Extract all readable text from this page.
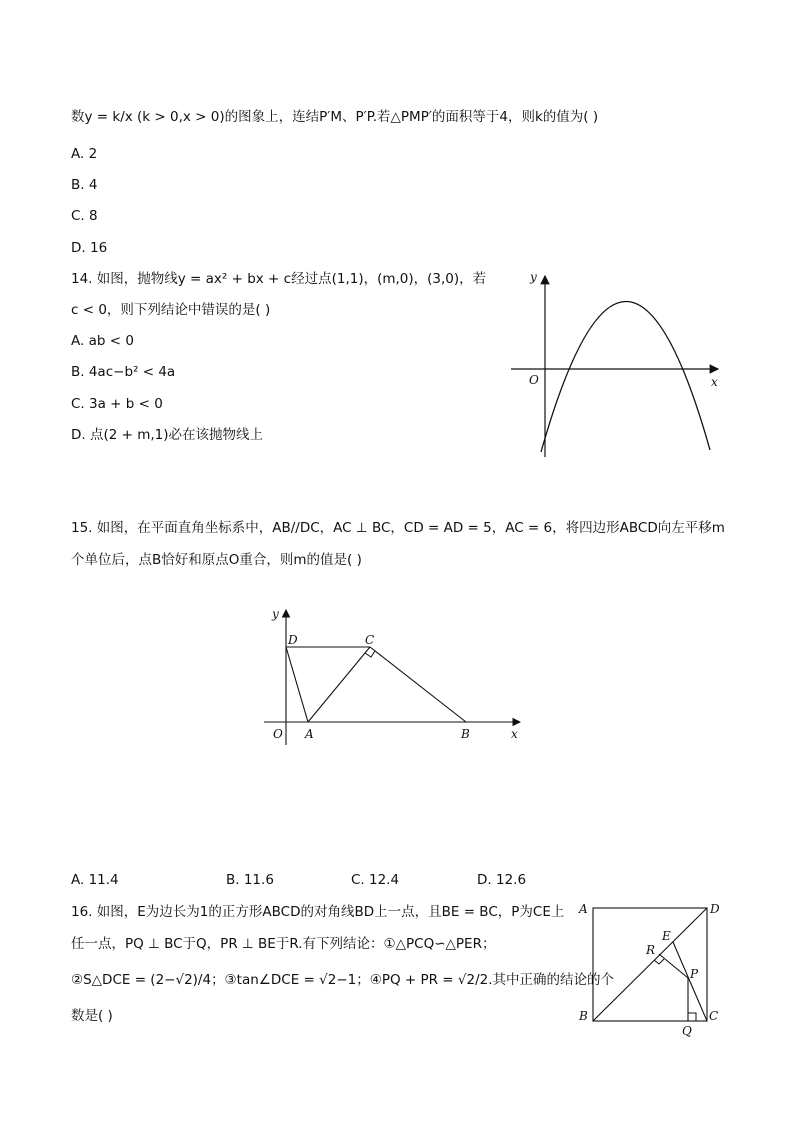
数y = k/x (k > 0,x > 0)的图象上，连结P′M、P′P.若△PMP′的面积等于4，则k的值为( )
A. 2
B. 4
C. 8
D. 16
14. 如图，抛物线y = ax² + bx + c经过点(1,1)，(m,0)，(3,0)，若
c < 0，则下列结论中错误的是( )
A. ab < 0
B. 4ac−b² < 4a
C. 3a + b < 0
D. 点(2 + m,1)必在该抛物线上
y
x
O
15. 如图，在平面直角坐标系中，AB//DC，AC ⊥ BC，CD = AD = 5，AC = 6，将四边形ABCD向左平移m
个单位后，点B恰好和原点O重合，则m的值是( )
y
x
O A	B
C
D
A. 11.4	B. 11.6	C. 12.4	D. 12.6
16. 如图，E为边长为1的正方形ABCD的对角线BD上一点，且BE = BC，P为CE上
任一点，PQ ⊥ BC于Q，PR ⊥ BE于R.有下列结论：①△PCQ∽△PER；
②S△DCE = (2−√2)/4；③tan∠DCE = √2−1；④PQ + PR = √2/2.其中正确的结论的个
数是( )
A	D
B	C
E
R
P
Q
